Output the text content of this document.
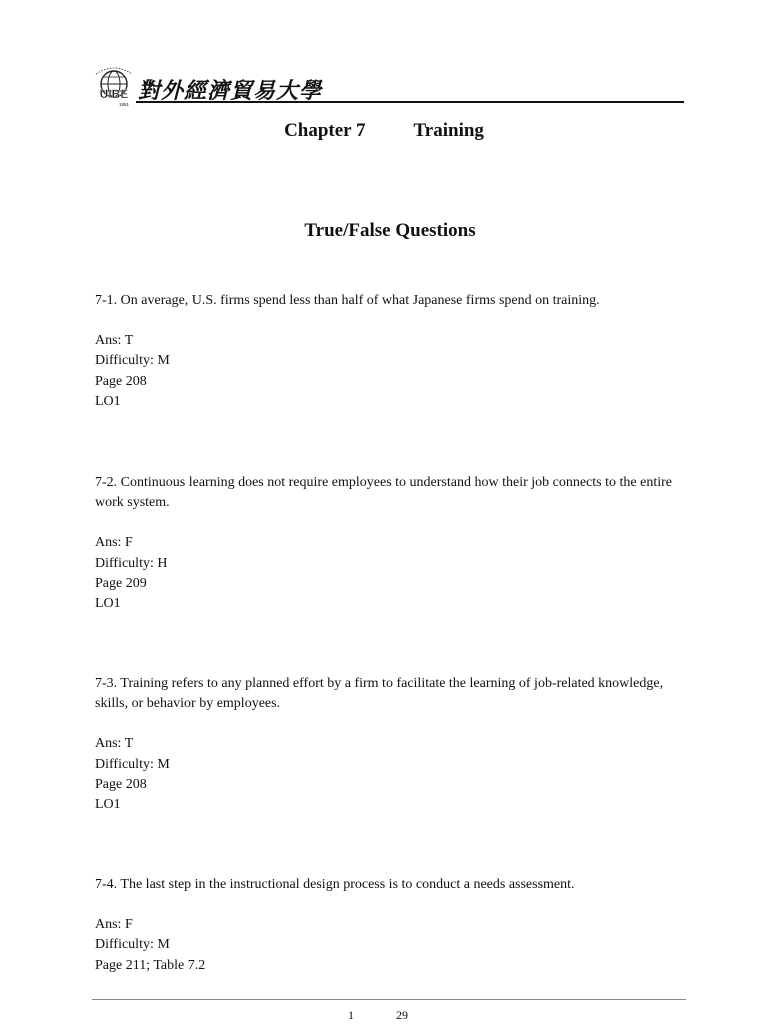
UIBE
1951
對外經濟貿易大學
Chapter 7	Training
True/False Questions

7-1. On average, U.S. firms spend less than half of what Japanese firms spend on training.

Ans: T
Difficulty: M
Page 208
LO1

7-2. Continuous learning does not require employees to understand how their job connects to the entire work system.

Ans: F
Difficulty: H
Page 209
LO1

7-3. Training refers to any planned effort by a firm to facilitate the learning of job-related knowledge, skills, or behavior by employees.

Ans: T
Difficulty: M
Page 208
LO1

7-4. The last step in the instructional design process is to conduct a needs assessment.

Ans: F
Difficulty: M
Page 211; Table 7.2
1	29
